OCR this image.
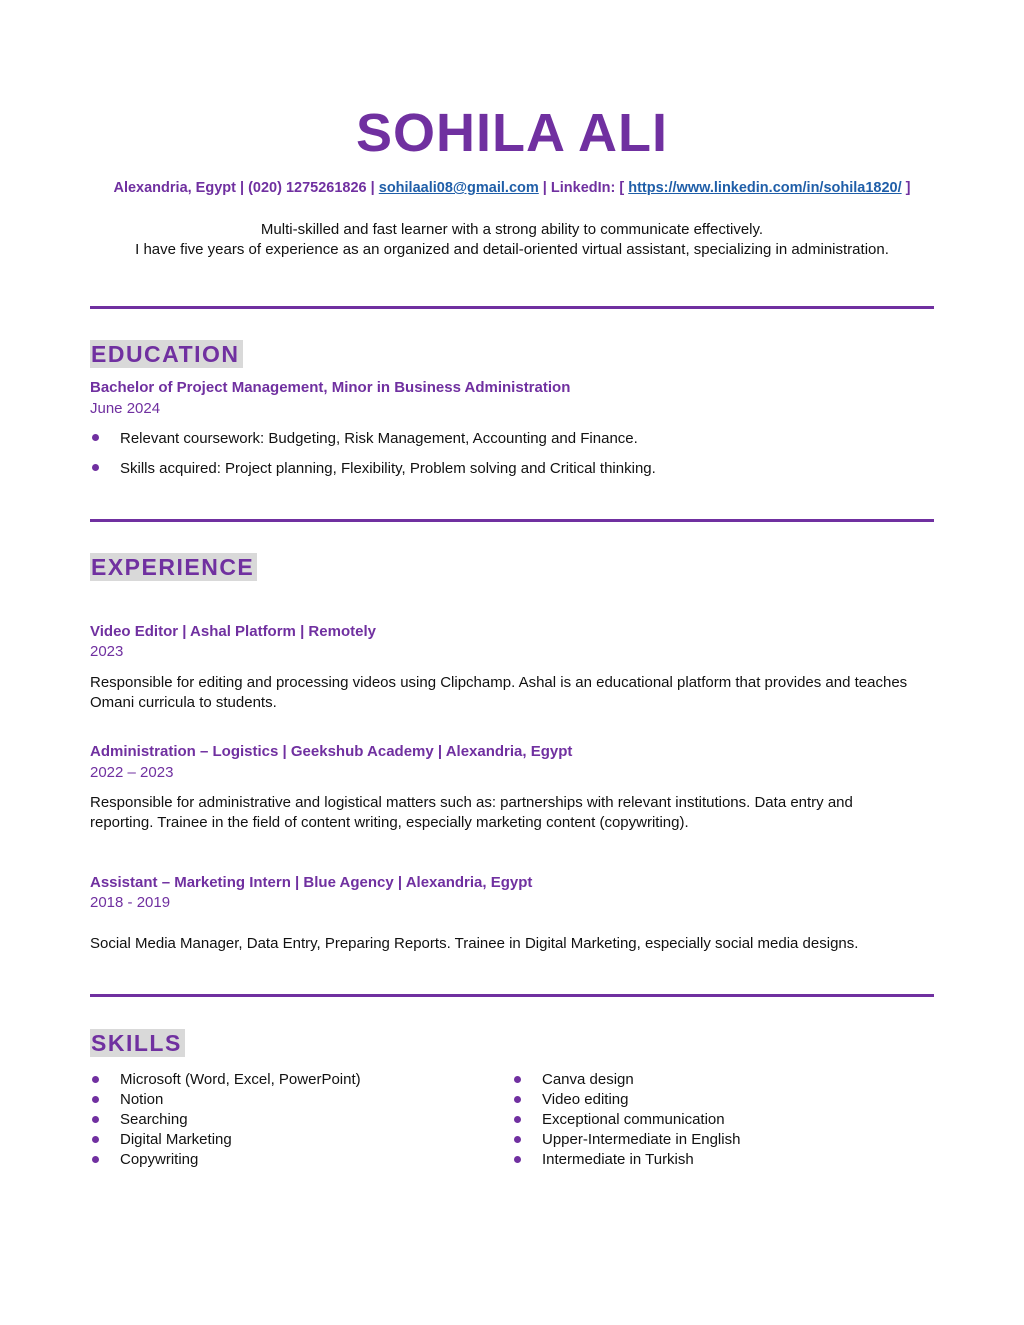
SOHILA ALI
Alexandria, Egypt | (020) 1275261826 | sohilaali08@gmail.com | LinkedIn: [ https://www.linkedin.com/in/sohila1820/ ]
Multi-skilled and fast learner with a strong ability to communicate effectively.
I have five years of experience as an organized and detail-oriented virtual assistant, specializing in administration.
EDUCATION
Bachelor of Project Management, Minor in Business Administration
June 2024
Relevant coursework: Budgeting, Risk Management, Accounting and Finance.
Skills acquired: Project planning, Flexibility, Problem solving and Critical thinking.
EXPERIENCE
Video Editor | Ashal Platform | Remotely
2023
Responsible for editing and processing videos using Clipchamp. Ashal is an educational platform that provides and teaches
Omani curricula to students.
Administration – Logistics | Geekshub Academy | Alexandria, Egypt
2022 – 2023
Responsible for administrative and logistical matters such as: partnerships with relevant institutions. Data entry and
reporting. Trainee in the field of content writing, especially marketing content (copywriting).
Assistant – Marketing Intern | Blue Agency | Alexandria, Egypt
2018 - 2019
Social Media Manager, Data Entry, Preparing Reports. Trainee in Digital Marketing, especially social media designs.
SKILLS
Microsoft (Word, Excel, PowerPoint)
Notion
Searching
Digital Marketing
Copywriting
Canva design
Video editing
Exceptional communication
Upper-Intermediate in English
Intermediate in Turkish
